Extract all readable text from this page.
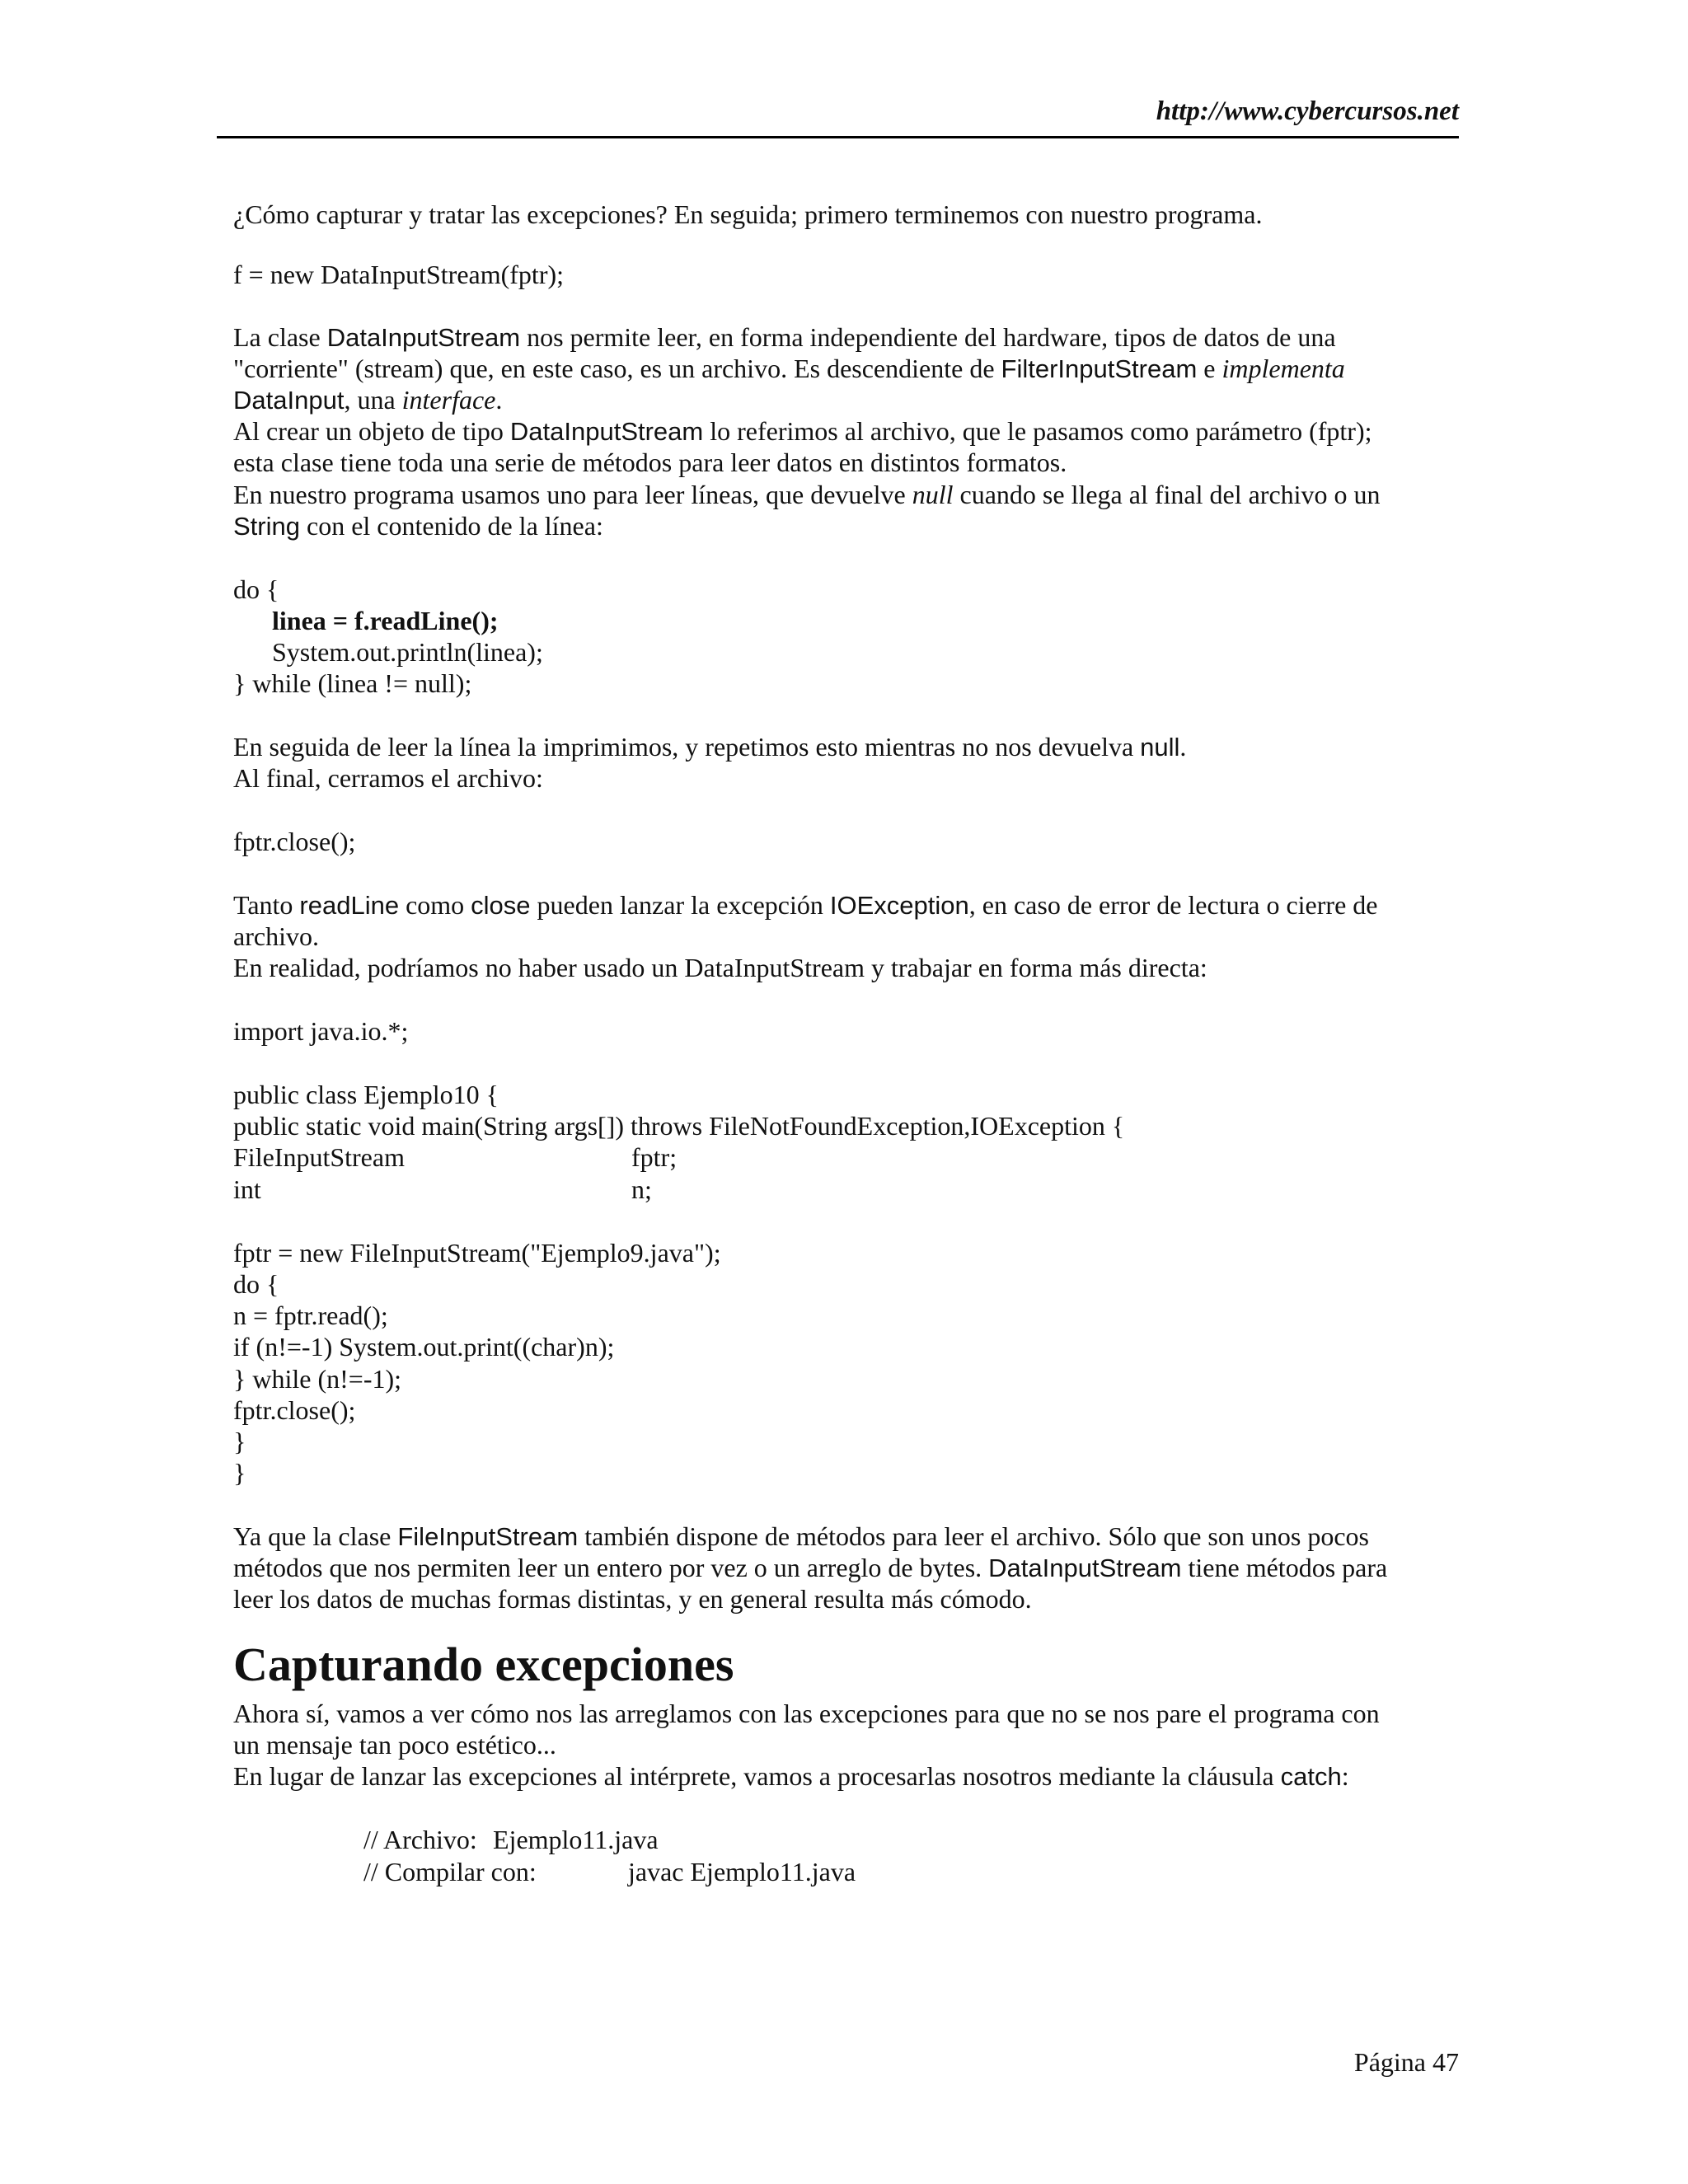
http://www.cybercursos.net
¿Cómo capturar y tratar las excepciones? En seguida; primero terminemos con nuestro programa.
f = new DataInputStream(fptr);
La clase DataInputStream nos permite leer, en forma independiente del hardware, tipos de datos de una
"corriente" (stream) que, en este caso, es un archivo. Es descendiente de FilterInputStream e implementa
DataInput, una interface.
Al crear un objeto de tipo DataInputStream lo referimos al archivo, que le pasamos como parámetro (fptr);
esta clase tiene toda una serie de métodos para leer datos en distintos formatos.
En nuestro programa usamos uno para leer líneas, que devuelve null cuando se llega al final del archivo o un
String con el contenido de la línea:
do {
linea = f.readLine();
System.out.println(linea);
} while (linea != null);
En seguida de leer la línea la imprimimos, y repetimos esto mientras no nos devuelva null.
Al final, cerramos el archivo:
fptr.close();
Tanto readLine como close pueden lanzar la excepción IOException, en caso de error de lectura o cierre de
archivo.
En realidad, podríamos no haber usado un DataInputStream y trabajar en forma más directa:
import java.io.*;
public class Ejemplo10 {
public static void main(String args[]) throws FileNotFoundException,IOException {
FileInputStream	fptr;
int	n;
fptr = new FileInputStream("Ejemplo9.java");
do {
n = fptr.read();
if (n!=-1) System.out.print((char)n);
} while (n!=-1);
fptr.close();
}
}
Ya que la clase FileInputStream también dispone de métodos para leer el archivo. Sólo que son unos pocos
métodos que nos permiten leer un entero por vez o un arreglo de bytes. DataInputStream tiene métodos para
leer los datos de muchas formas distintas, y en general resulta más cómodo.
Capturando excepciones
Ahora sí, vamos a ver cómo nos las arreglamos con las excepciones para que no se nos pare el programa con
un mensaje tan poco estético...
En lugar de lanzar las excepciones al intérprete, vamos a procesarlas nosotros mediante la cláusula catch:
// Archivo: Ejemplo11.java
// Compilar con:	javac Ejemplo11.java
Página 47
